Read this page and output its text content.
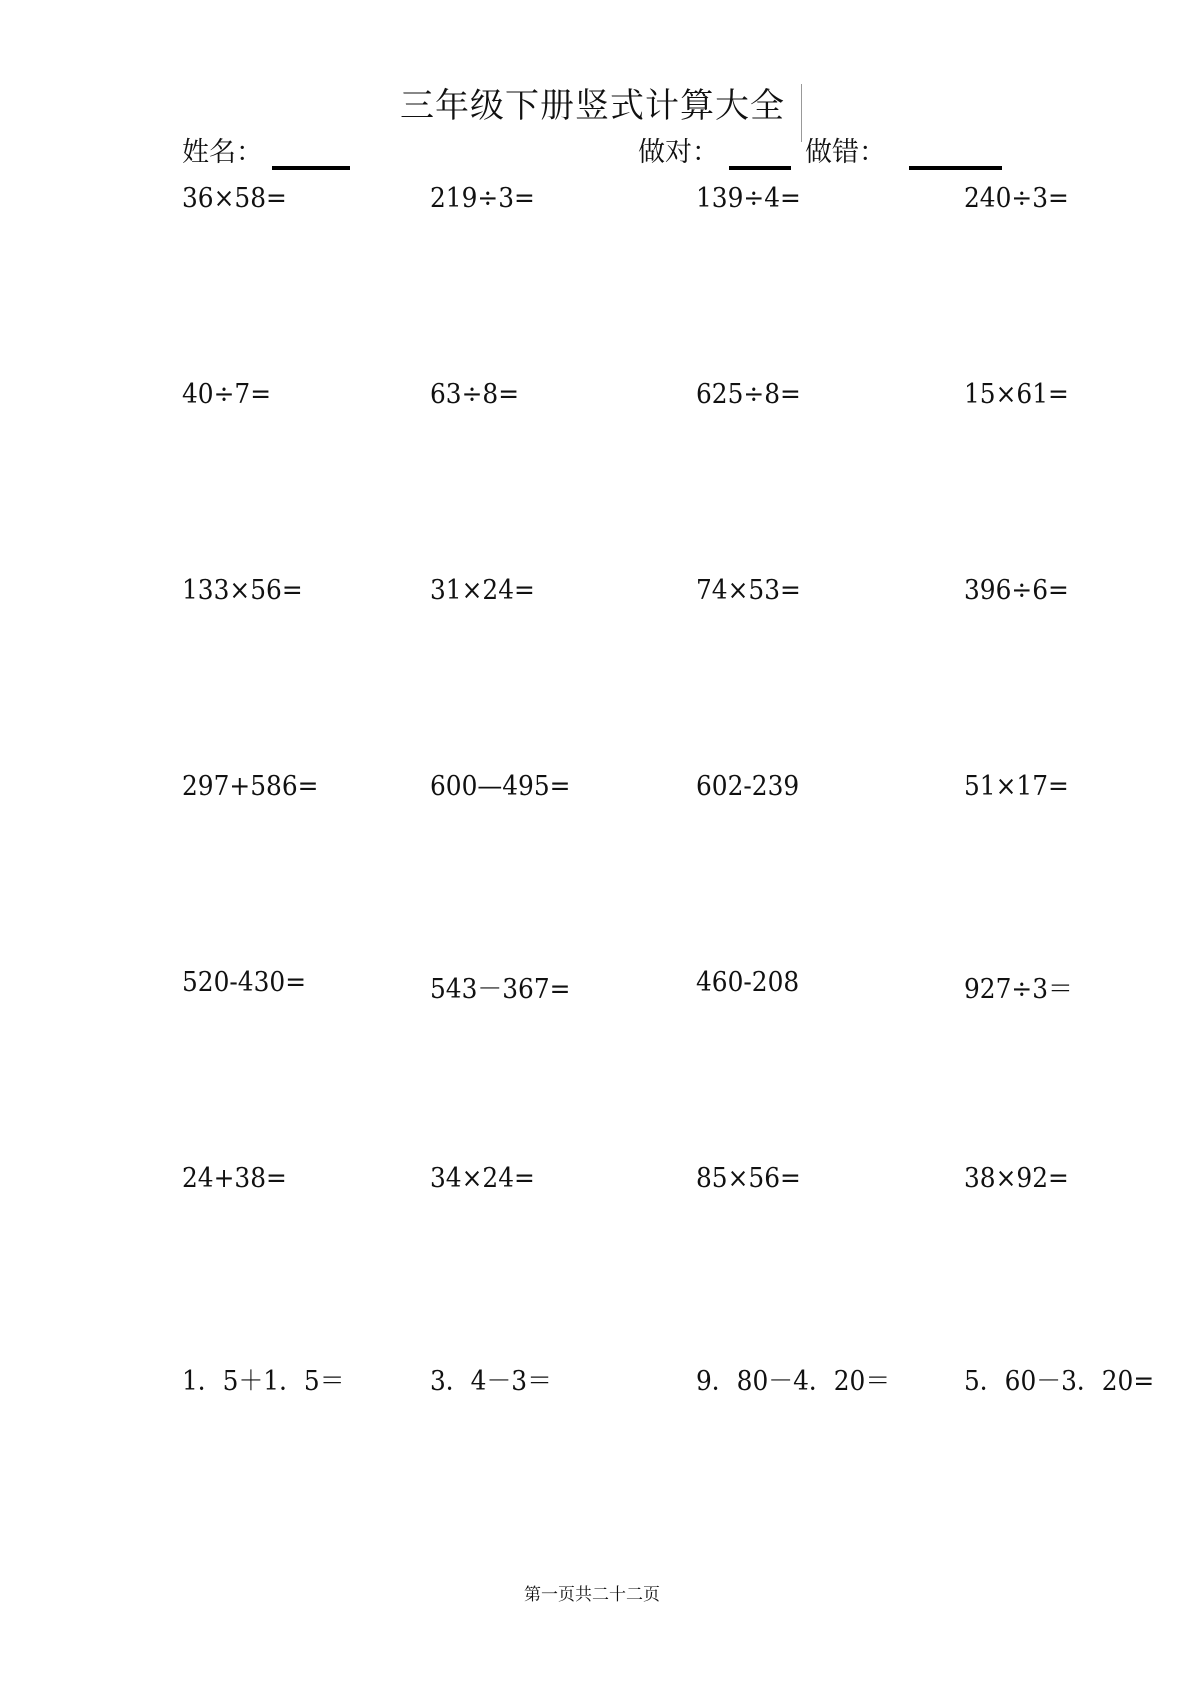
三年级下册竖式计算大全
姓名：	做对：	做错：
36×58=	219÷3=	139÷4=	240÷3=
40÷7=	63÷8=	625÷8=	15×61=
133×56=	31×24=	74×53=	396÷6=
297+586=	600—495=	602-239	51×17=
520-430=	543－367=	460-208	927÷3＝
24+38=	34×24=	85×56=	38×92=
1．5＋1．5＝	3．4－3＝	9．80－4．20＝	5．60－3．20=
第一页共二十二页
